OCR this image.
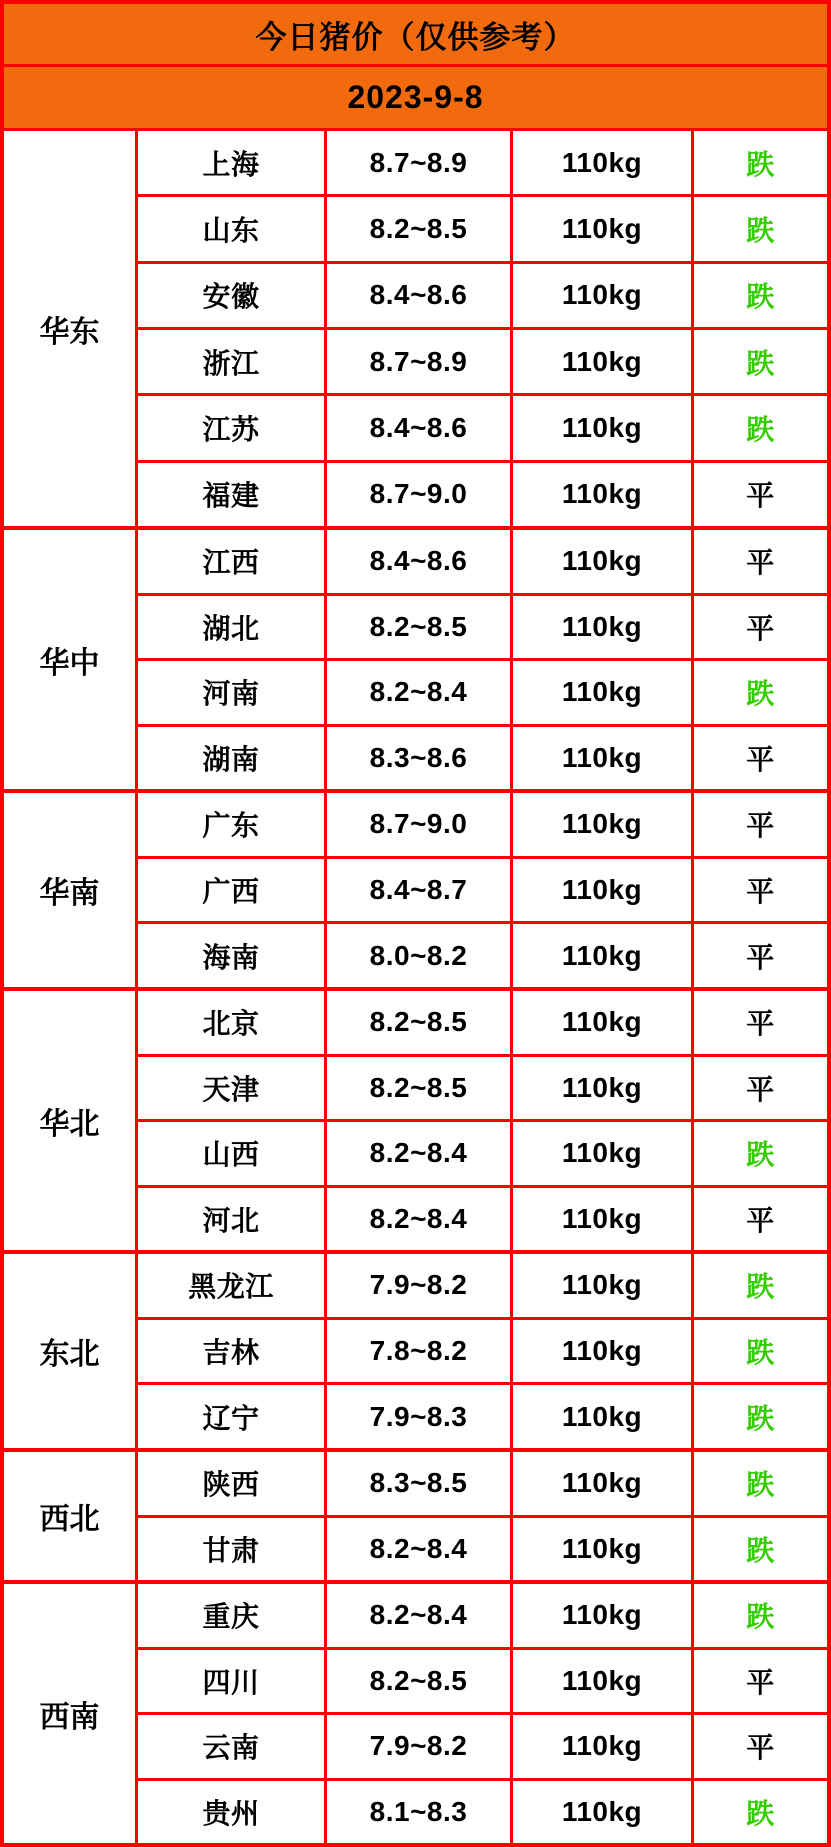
今日猪价（仅供参考）
2023-9-8
华东
上海	8.7~8.9	110kg	跌
山东	8.2~8.5	110kg	跌
安徽	8.4~8.6	110kg	跌
浙江	8.7~8.9	110kg	跌
江苏	8.4~8.6	110kg	跌
福建	8.7~9.0	110kg	平
华中
江西	8.4~8.6	110kg	平
湖北	8.2~8.5	110kg	平
河南	8.2~8.4	110kg	跌
湖南	8.3~8.6	110kg	平
华南
广东	8.7~9.0	110kg	平
广西	8.4~8.7	110kg	平
海南	8.0~8.2	110kg	平
华北
北京	8.2~8.5	110kg	平
天津	8.2~8.5	110kg	平
山西	8.2~8.4	110kg	跌
河北	8.2~8.4	110kg	平
东北
黑龙江	7.9~8.2	110kg	跌
吉林	7.8~8.2	110kg	跌
辽宁	7.9~8.3	110kg	跌
西北
陕西	8.3~8.5	110kg	跌
甘肃	8.2~8.4	110kg	跌
西南
重庆	8.2~8.4	110kg	跌
四川	8.2~8.5	110kg	平
云南	7.9~8.2	110kg	平
贵州	8.1~8.3	110kg	跌
